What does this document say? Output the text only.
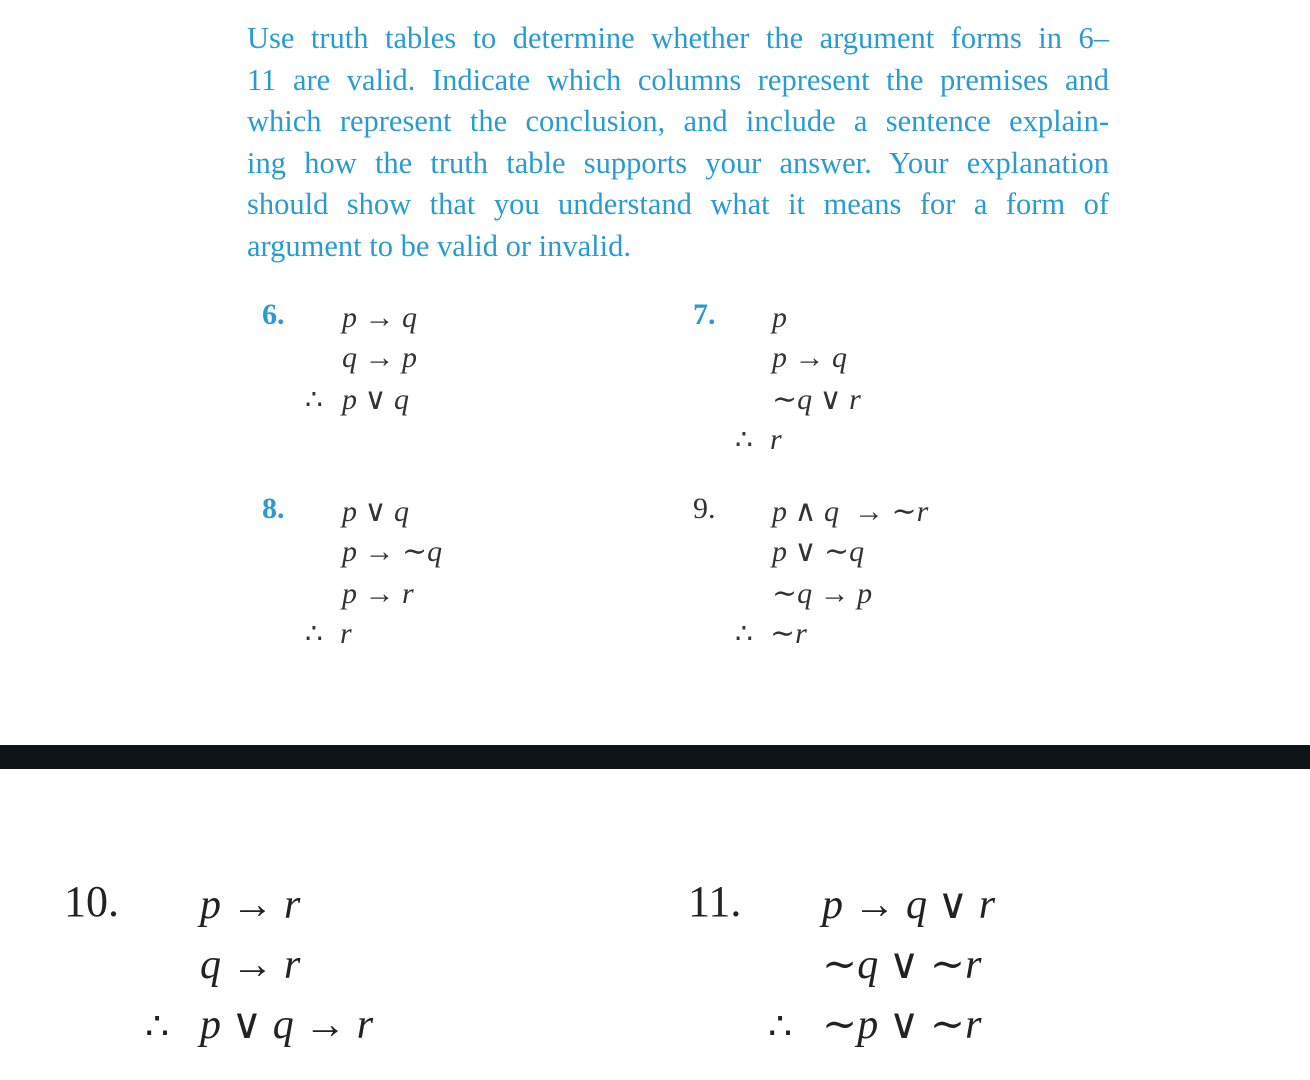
Use truth tables to determine whether the argument forms in 6–
11 are valid. Indicate which columns represent the premises and
which represent the conclusion, and include a sentence explain-
ing how the truth table supports your answer. Your explanation
should show that you understand what it means for a form of
argument to be valid or invalid.
6. p → q
q → p
∴ p ∨ q
7. p
p → q
∼q ∨ r
∴ r
8. p ∨ q
p → ∼q
p → r
∴ r
9. p ∧ q  → ∼r
p ∨ ∼q
∼q → p
∴ ∼r
10. p → r
q → r
∴ p ∨ q → r
11. p → q ∨ r
∼q ∨ ∼r
∴ ∼p ∨ ∼r
